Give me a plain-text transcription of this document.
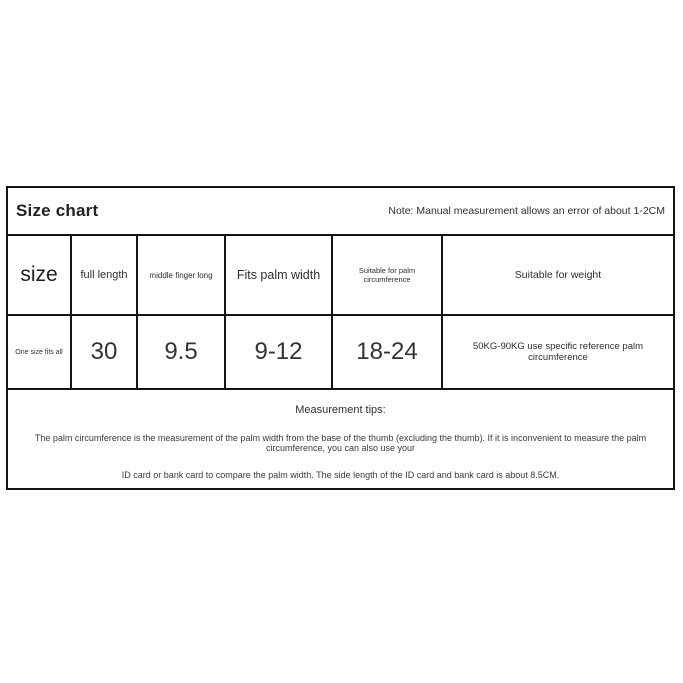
Size chart	Note: Manual measurement allows an error of about 1-2CM
size	full length	middle finger long	Fits palm width	Suitable for palm circumference	Suitable for weight
One size fits all	30	9.5	9-12	18-24	50KG-90KG use specific reference palm circumference
Measurement tips:
The palm circumference is the measurement of the palm width from the base of the thumb (excluding the thumb). If it is inconvenient to measure the palm circumference, you can also use your
ID card or bank card to compare the palm width. The side length of the ID card and bank card is about 8.5CM.
